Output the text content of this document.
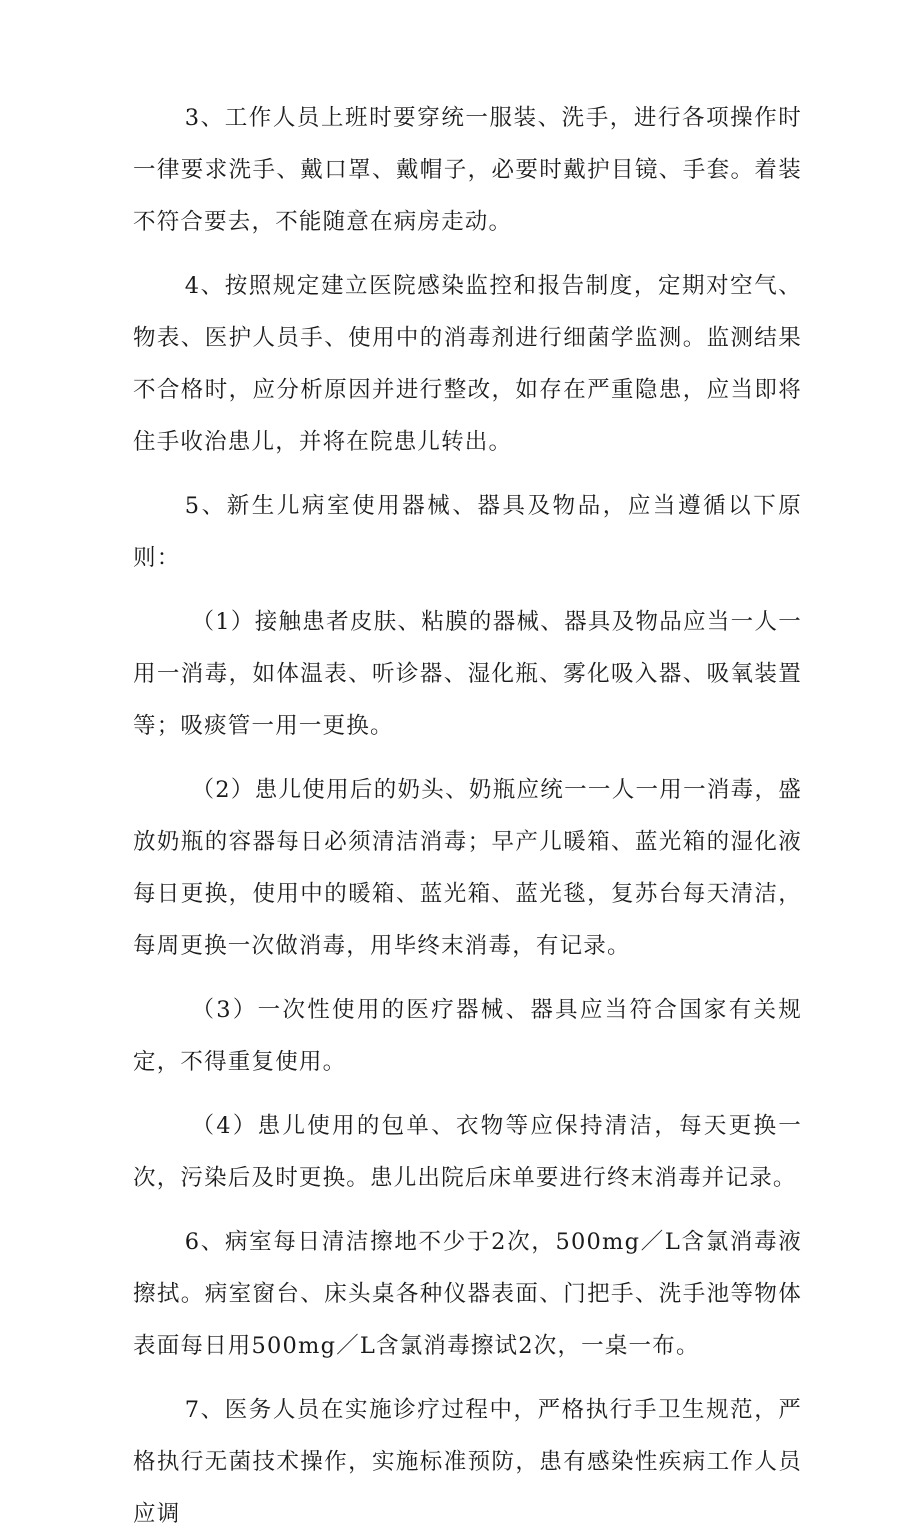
3、工作人员上班时要穿统一服装、洗手，进行各项操作时一律要求洗手、戴口罩、戴帽子，必要时戴护目镜、手套。着装不符合要去，不能随意在病房走动。

4、按照规定建立医院感染监控和报告制度，定期对空气、物表、医护人员手、使用中的消毒剂进行细菌学监测。监测结果不合格时，应分析原因并进行整改，如存在严重隐患，应当即将住手收治患儿，并将在院患儿转出。

5、新生儿病室使用器械、器具及物品，应当遵循以下原则：

（1）接触患者皮肤、粘膜的器械、器具及物品应当一人一用一消毒，如体温表、听诊器、湿化瓶、雾化吸入器、吸氧装置等；吸痰管一用一更换。

（2）患儿使用后的奶头、奶瓶应统一一人一用一消毒，盛放奶瓶的容器每日必须清洁消毒；早产儿暖箱、蓝光箱的湿化液每日更换，使用中的暖箱、蓝光箱、蓝光毯，复苏台每天清洁，每周更换一次做消毒，用毕终末消毒，有记录。

（3）一次性使用的医疗器械、器具应当符合国家有关规定，不得重复使用。

（4）患儿使用的包单、衣物等应保持清洁，每天更换一次，污染后及时更换。患儿出院后床单要进行终末消毒并记录。

6、病室每日清洁擦地不少于2次，500mg／L含氯消毒液擦拭。病室窗台、床头桌各种仪器表面、门把手、洗手池等物体表面每日用500mg／L含氯消毒擦试2次，一桌一布。

7、医务人员在实施诊疗过程中，严格执行手卫生规范，严格执行无菌技术操作，实施标准预防，患有感染性疾病工作人员应调
